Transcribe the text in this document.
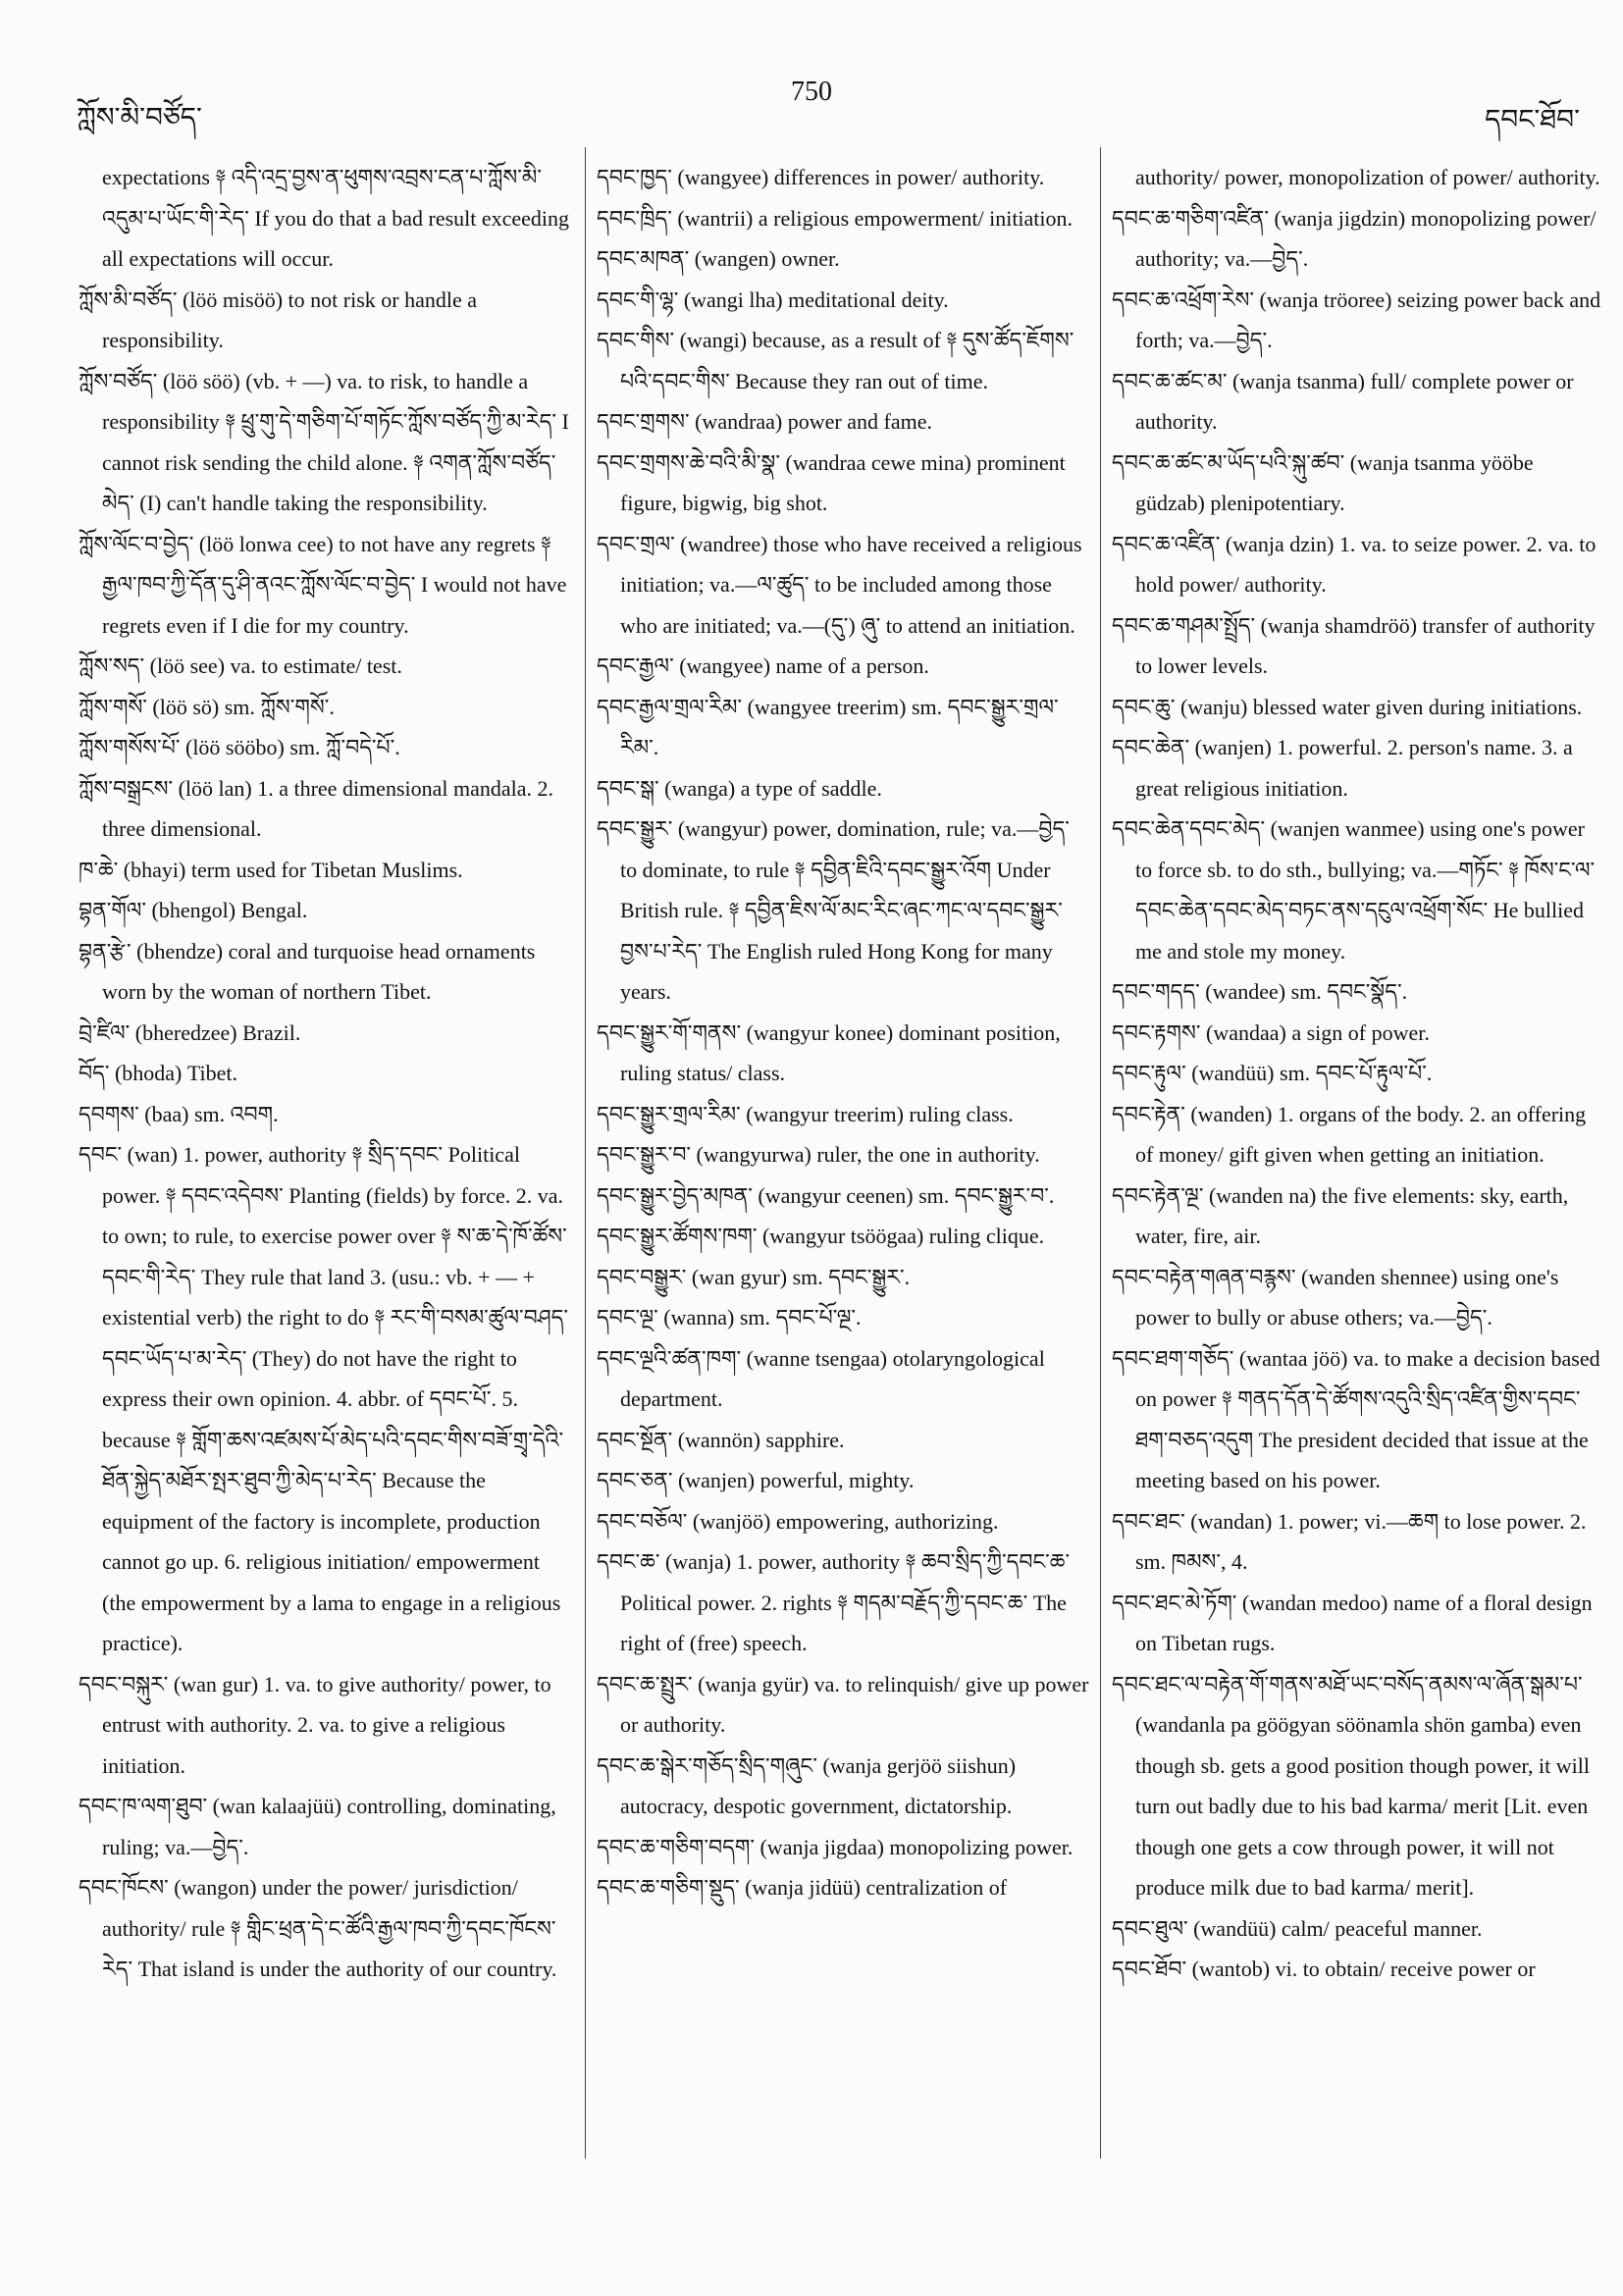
ཀློས་མི་བཙོད་
750
དབང་ཐོབ་

expectations ༈ འདི་འདྲ་བྱས་ན་ཕུགས་འབྲས་ངན་པ་ཀློས་མི་འདུམ་པ་ཡོང་གི་རེད་ If you do that a bad result exceeding all expectations will occur.

ཀློས་མི་བཙོད་ (löö misöö) to not risk or handle a responsibility.

ཀློས་བཙོད་ (löö söö) (vb. + —) va. to risk, to handle a responsibility ༈ ཕྲུ་གུ་དེ་གཅིག་པོ་གཏོང་ཀློས་བཙོད་ཀྱི་མ་རེད་ I cannot risk sending the child alone. ༈ འགན་ཀློས་བཙོད་མེད་ (I) can't handle taking the responsibility.

ཀློས་ལོང་བ་བྱེད་ (löö lonwa cee) to not have any regrets ༈ རྒྱལ་ཁབ་ཀྱི་དོན་དུ་ཤི་ནའང་ཀློས་ལོང་བ་བྱེད་ I would not have regrets even if I die for my country.

ཀློས་སད་ (löö see) va. to estimate/ test.

ཀློས་གསོ་ (löö sö) sm. ཀློས་གསོ་.

ཀློས་གསོས་པོ་ (löö sööbo) sm. ཀློ་བདེ་པོ་.

ཀློས་བསྒྲངས་ (löö lan) 1. a three dimensional mandala. 2. three dimensional.

ཁ་ཆེ་ (bhayi) term used for Tibetan Muslims.

བྷན་གོལ་ (bhengol) Bengal.

བྷན་རྩེ་ (bhendze) coral and turquoise head ornaments worn by the woman of northern Tibet.

བྲེ་ཛིལ་ (bheredzee) Brazil.

བོད་ (bhoda) Tibet.

དབགས་ (baa) sm. འབག.

དབང་ (wan) 1. power, authority ༈ སྲིད་དབང་ Political power. ༈ དབང་འདེབས་ Planting (fields) by force. 2. va. to own; to rule, to exercise power over ༈ ས་ཆ་དེ་ཁོ་ཚོས་དབང་གི་རེད་ They rule that land 3. (usu.: vb. + — + existential verb) the right to do ༈ རང་གི་བསམ་ཚུལ་བཤད་དབང་ཡོད་པ་མ་རེད་ (They) do not have the right to express their own opinion. 4. abbr. of དབང་པོ་. 5. because ༈ གློག་ཆས་འཛམས་པོ་མེད་པའི་དབང་གིས་བཟོ་གྲྭ་དེའི་ཐོན་སྐྱེད་མཐོར་སྤར་ཐུབ་ཀྱི་མེད་པ་རེད་ Because the equipment of the factory is incomplete, production cannot go up. 6. religious initiation/ empowerment (the empowerment by a lama to engage in a religious practice).

དབང་བསྐུར་ (wan gur) 1. va. to give authority/ power, to entrust with authority. 2. va. to give a religious initiation.

དབང་ཁ་ལག་ཐུབ་ (wan kalaajüü) controlling, dominating, ruling; va.—བྱེད་.

དབང་ཁོངས་ (wangon) under the power/ jurisdiction/ authority/ rule ༈ གླིང་ཕྲན་དེ་ང་ཚོའི་རྒྱལ་ཁབ་ཀྱི་དབང་ཁོངས་རེད་ That island is under the authority of our country.

དབང་ཁྱད་ (wangyee) differences in power/ authority.

དབང་ཁྲིད་ (wantrii) a religious empowerment/ initiation.

དབང་མཁན་ (wangen) owner.

དབང་གི་ལྷ་ (wangi lha) meditational deity.

དབང་གིས་ (wangi) because, as a result of ༈ དུས་ཚོད་ཇོགས་པའི་དབང་གིས་ Because they ran out of time.

དབང་གྲགས་ (wandraa) power and fame.

དབང་གྲགས་ཆེ་བའི་མི་སྣ་ (wandraa cewe mina) prominent figure, bigwig, big shot.

དབང་གྲལ་ (wandree) those who have received a religious initiation; va.—ལ་ཚུད་ to be included among those who are initiated; va.—(དུ་) ཞུ་ to attend an initiation.

དབང་རྒྱལ་ (wangyee) name of a person.

དབང་རྒྱལ་གྲལ་རིམ་ (wangyee treerim) sm. དབང་སྒྱུར་གྲལ་རིམ་.

དབང་སྒ་ (wanga) a type of saddle.

དབང་སྒྱུར་ (wangyur) power, domination, rule; va.—བྱེད་ to dominate, to rule ༈ དབྱིན་ཇིའི་དབང་སྒྱུར་འོག Under British rule. ༈ དབྱིན་ཇིས་ལོ་མང་རིང་ཞང་ཀང་ལ་དབང་སྒྱུར་བྱས་པ་རེད་ The English ruled Hong Kong for many years.

དབང་སྒྱུར་གོ་གནས་ (wangyur konee) dominant position, ruling status/ class.

དབང་སྒྱུར་གྲལ་རིམ་ (wangyur treerim) ruling class.

དབང་སྒྱུར་བ་ (wangyurwa) ruler, the one in authority.

དབང་སྒྱུར་བྱེད་མཁན་ (wangyur ceenen) sm. དབང་སྒྱུར་བ་.

དབང་སྒྱུར་ཚོགས་ཁག་ (wangyur tsöögaa) ruling clique.

དབང་བསྒྱུར་ (wan gyur) sm. དབང་སྒྱུར་.

དབང་ལྔ་ (wanna) sm. དབང་པོ་ལྔ་.

དབང་ལྔའི་ཚན་ཁག་ (wanne tsengaa) otolaryngological department.

དབང་སྔོན་ (wannön) sapphire.

དབང་ཅན་ (wanjen) powerful, mighty.

དབང་བཅོལ་ (wanjöö) empowering, authorizing.

དབང་ཆ་ (wanja) 1. power, authority ༈ ཆབ་སྲིད་ཀྱི་དབང་ཆ་ Political power. 2. rights ༈ གདམ་བརྗོད་ཀྱི་དབང་ཆ་ The right of (free) speech.

དབང་ཆ་སྤྲུར་ (wanja gyür) va. to relinquish/ give up power or authority.

དབང་ཆ་སྒེར་གཅོད་སྲིད་གཞུང་ (wanja gerjöö siishun) autocracy, despotic government, dictatorship.

དབང་ཆ་གཅིག་བདག་ (wanja jigdaa) monopolizing power.

དབང་ཆ་གཅིག་སྡུད་ (wanja jidüü) centralization of

authority/ power, monopolization of power/ authority.

དབང་ཆ་གཅིག་འཛིན་ (wanja jigdzin) monopolizing power/ authority; va.—བྱེད་.

དབང་ཆ་འཕྲོག་རེས་ (wanja tröoree) seizing power back and forth; va.—བྱེད་.

དབང་ཆ་ཚང་མ་ (wanja tsanma) full/ complete power or authority.

དབང་ཆ་ཚང་མ་ཡོད་པའི་སྐུ་ཚབ་ (wanja tsanma yööbe güdzab) plenipotentiary.

དབང་ཆ་འཛིན་ (wanja dzin) 1. va. to seize power. 2. va. to hold power/ authority.

དབང་ཆ་གཤམ་སྤྲོད་ (wanja shamdröö) transfer of authority to lower levels.

དབང་ཆུ་ (wanju) blessed water given during initiations.

དབང་ཆེན་ (wanjen) 1. powerful. 2. person's name. 3. a great religious initiation.

དབང་ཆེན་དབང་མེད་ (wanjen wanmee) using one's power to force sb. to do sth., bullying; va.—གཏོང་ ༈ ཁོས་ང་ལ་དབང་ཆེན་དབང་མེད་བཏང་ནས་དངུལ་འཕྲོག་སོང་ He bullied me and stole my money.

དབང་གདད་ (wandee) sm. དབང་སྣོད་.

དབང་རྟགས་ (wandaa) a sign of power.

དབང་རྟུལ་ (wandüü) sm. དབང་པོ་རྟུལ་པོ་.

དབང་རྟེན་ (wanden) 1. organs of the body. 2. an offering of money/ gift given when getting an initiation.

དབང་རྟེན་ལྔ་ (wanden na) the five elements: sky, earth, water, fire, air.

དབང་བརྟེན་གཞན་བརྙས་ (wanden shennee) using one's power to bully or abuse others; va.—བྱེད་.

དབང་ཐག་གཅོད་ (wantaa jöö) va. to make a decision based on power ༈ གནད་དོན་དེ་ཚོགས་འདུའི་སྲིད་འཛིན་གྱིས་དབང་ཐག་བཅད་འདུག The president decided that issue at the meeting based on his power.

དབང་ཐང་ (wandan) 1. power; vi.—ཆག to lose power. 2. sm. ཁམས་, 4.

དབང་ཐང་མེ་ཏོག་ (wandan medoo) name of a floral design on Tibetan rugs.

དབང་ཐང་ལ་བརྟེན་གོ་གནས་མཐོ་ཡང་བསོད་ནམས་ལ་ཞོན་སྒམ་པ་ (wandanla pa göögyan söönamla shön gamba) even though sb. gets a good position though power, it will turn out badly due to his bad karma/ merit [Lit. even though one gets a cow through power, it will not produce milk due to bad karma/ merit].

དབང་ཐུལ་ (wandüü) calm/ peaceful manner.

དབང་ཐོབ་ (wantob) vi. to obtain/ receive power or
